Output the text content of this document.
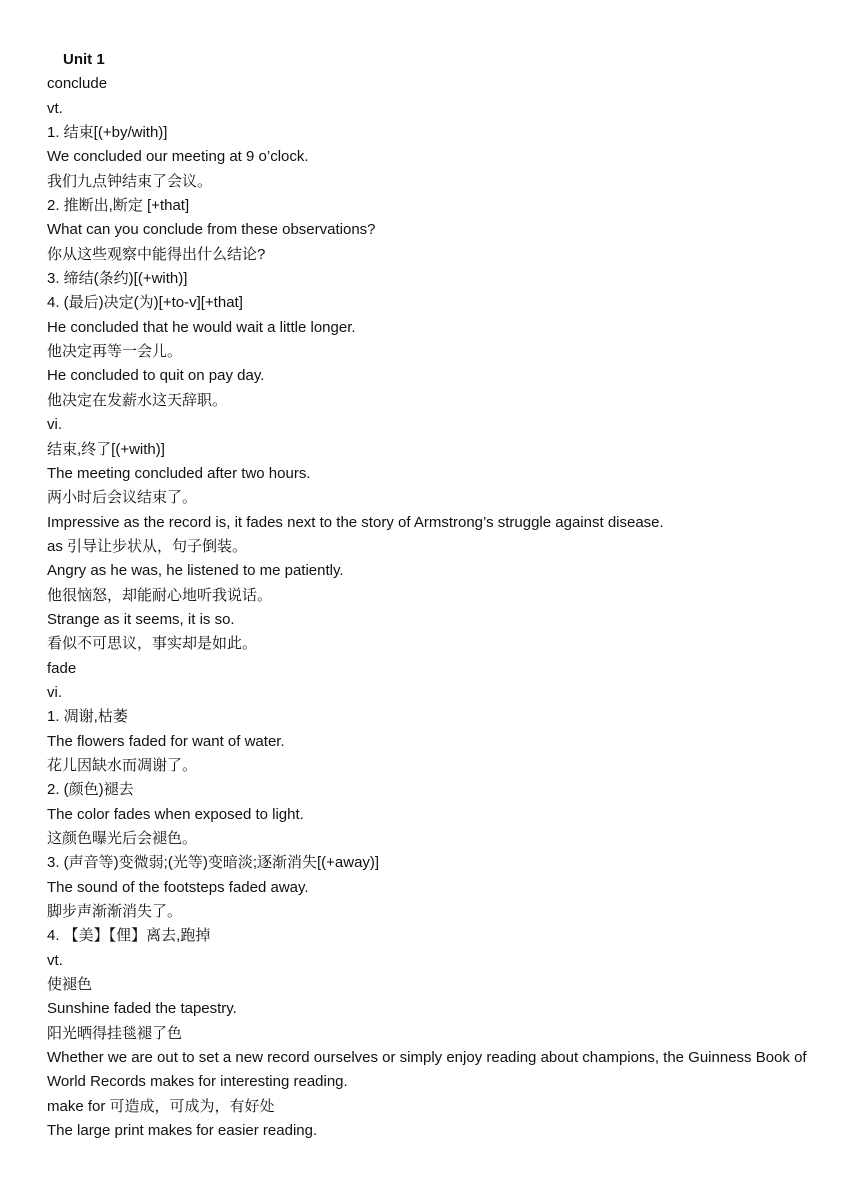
Unit 1
conclude
vt.
1. 结束[(+by/with)]
We concluded our meeting at 9 o’clock.
我们九点钟结束了会议。
2. 推断出,断定 [+that]
What can you conclude from these observations?
你从这些观察中能得出什么结论?
3. 缔结(条约)[(+with)]
4. (最后)决定(为)[+to-v][+that]
He concluded that he would wait a little longer.
他决定再等一会儿。
He concluded to quit on pay day.
他决定在发薪水这天辞职。
vi.
结束,终了[(+with)]
The meeting concluded after two hours.
两小时后会议结束了。
Impressive as the record is, it fades next to the story of Armstrong’s struggle against disease.
as 引导让步状从，句子倒装。
Angry as he was, he listened to me patiently.
他很恼怒，却能耐心地听我说话。
Strange as it seems, it is so.
看似不可思议，事实却是如此。
fade
vi.
1. 凋谢,枯萎
The flowers faded for want of water.
花儿因缺水而凋谢了。
2. (颜色)褪去
The color fades when exposed to light.
这颜色曝光后会褪色。
3. (声音等)变微弱;(光等)变暗淡;逐渐消失[(+away)]
The sound of the footsteps faded away.
脚步声渐渐消失了。
4. 【美】【俚】离去,跑掉
vt.
使褪色
Sunshine faded the tapestry.
阳光晒得挂毯褪了色
Whether we are out to set a new record ourselves or simply enjoy reading about champions, the Guinness Book of World Records makes for interesting reading.
make for 可造成，可成为，有好处
The large print makes for easier reading.
